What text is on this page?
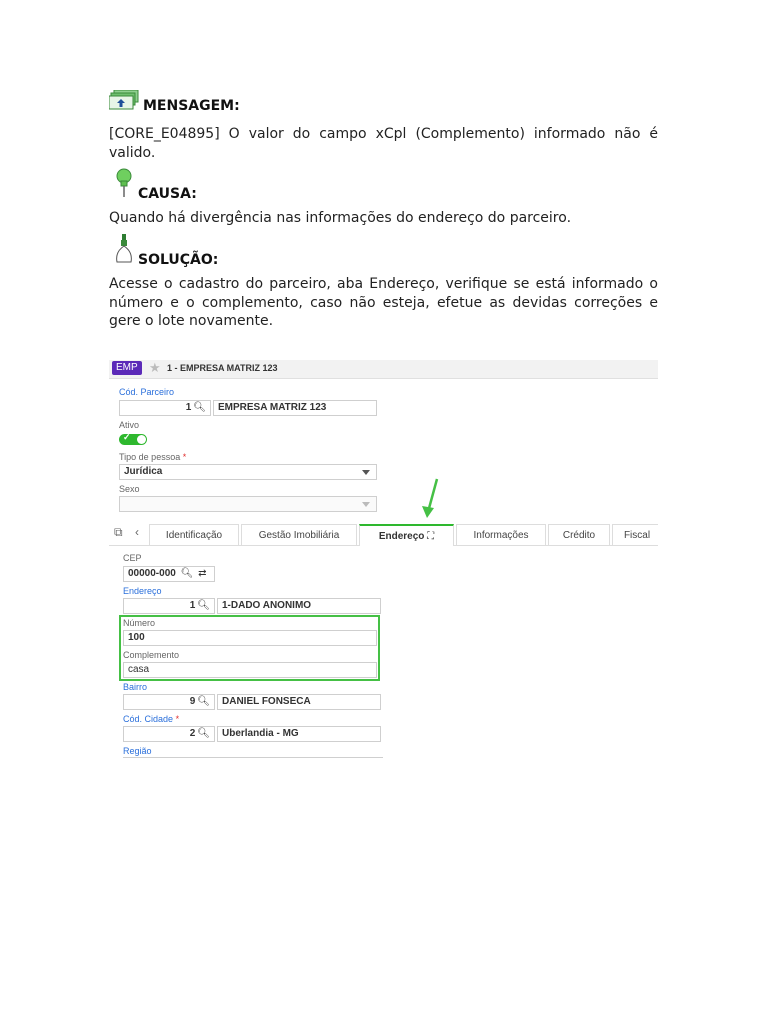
MENSAGEM:
[CORE_E04895] O valor do campo xCpl (Complemento) informado não é valido.
CAUSA:
Quando há divergência nas informações do endereço do parceiro.
SOLUÇÃO:
Acesse o cadastro do parceiro, aba Endereço, verifique se está informado o número e o complemento, caso não esteja, efetue as devidas correções e gere o lote novamente.
EMP ★ 1 - EMPRESA MATRIZ 123
Cód. Parceiro
1 🔍︎	EMPRESA MATRIZ 123
Ativo
✓
Tipo de pessoa *
Jurídica
Sexo
⧉ ‹	Identificação	Gestão Imobiliária	Endereço ⛶	Informações	Crédito	Fiscal
CEP
00000-000 🔍︎ ⇄
Endereço
1 🔍︎	1-DADO ANONIMO
Número
100
Complemento
casa
Bairro
9 🔍︎	DANIEL FONSECA
Cód. Cidade *
2 🔍︎	Uberlandia - MG
Região
